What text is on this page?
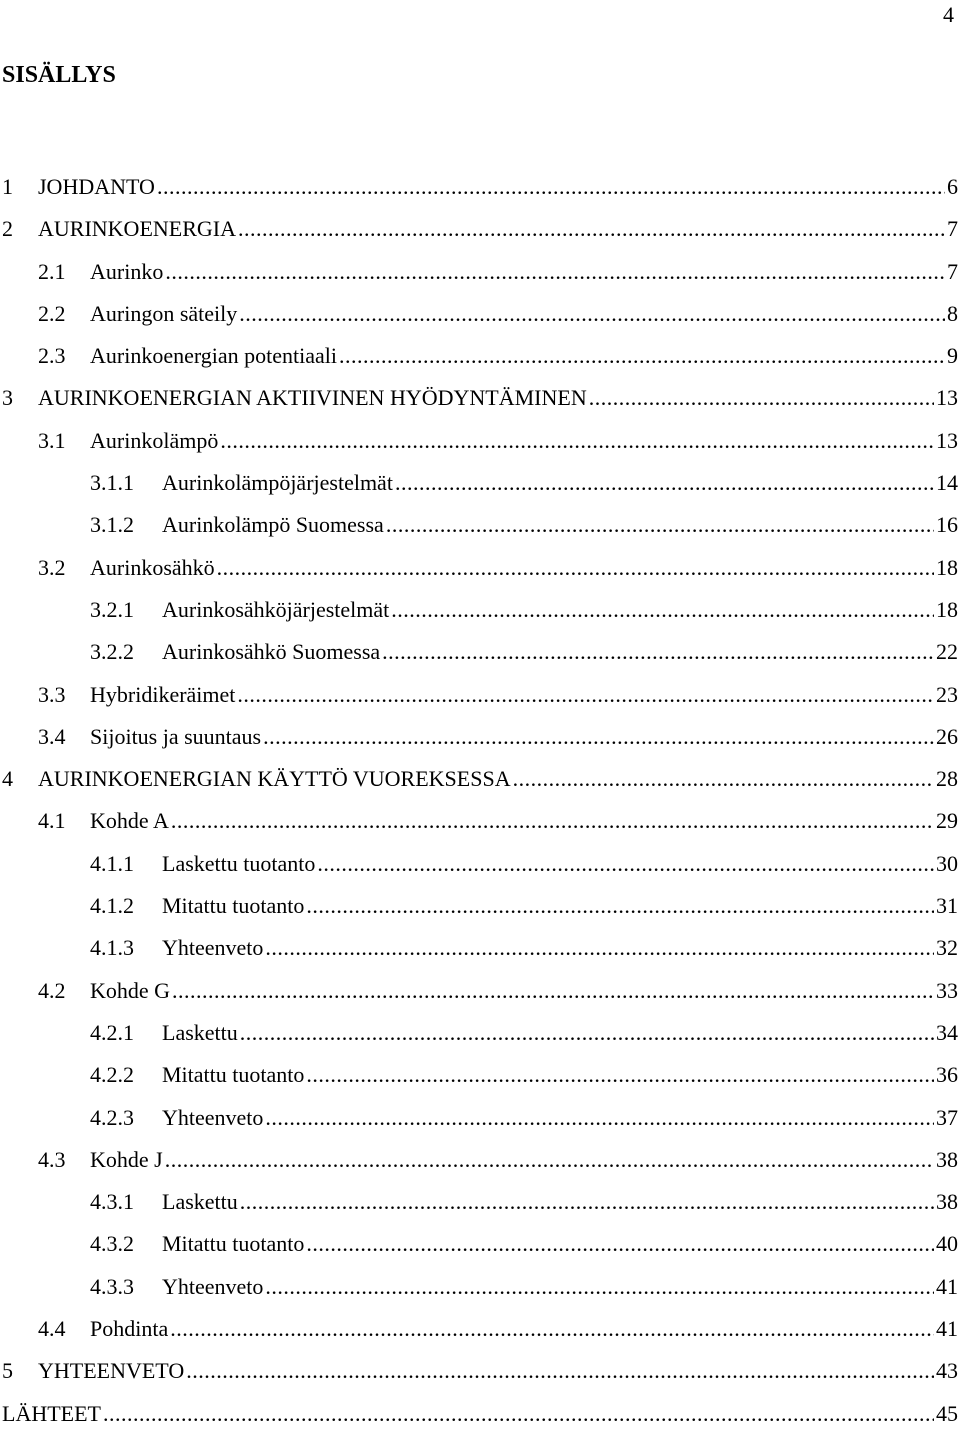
4
SISÄLLYS
1	JOHDANTO . . .	6
2	AURINKOENERGIA . . .	7
2.1	Aurinko . . .	7
2.2	Auringon säteily . . .	8
2.3	Aurinkoenergian potentiaali . . .	9
3	AURINKOENERGIAN AKTIIVINEN HYÖDYNTÄMINEN . . .	13
3.1	Aurinkolämpö . . .	13
3.1.1	Aurinkolämpöjärjestelmät . . .	14
3.1.2	Aurinkolämpö Suomessa . . .	16
3.2	Aurinkosähkö . . .	18
3.2.1	Aurinkosähköjärjestelmät . . .	18
3.2.2	Aurinkosähkö Suomessa . . .	22
3.3	Hybridikeräimet . . .	23
3.4	Sijoitus ja suuntaus . . .	26
4	AURINKOENERGIAN KÄYTTÖ VUOREKSESSA . . .	28
4.1	Kohde A . . .	29
4.1.1	Laskettu tuotanto . . .	30
4.1.2	Mitattu tuotanto . . .	31
4.1.3	Yhteenveto . . .	32
4.2	Kohde G . . .	33
4.2.1	Laskettu . . .	34
4.2.2	Mitattu tuotanto . . .	36
4.2.3	Yhteenveto . . .	37
4.3	Kohde J . . .	38
4.3.1	Laskettu . . .	38
4.3.2	Mitattu tuotanto . . .	40
4.3.3	Yhteenveto . . .	41
4.4	Pohdinta . . .	41
5	YHTEENVETO . . .	43
LÄHTEET . . .	45
